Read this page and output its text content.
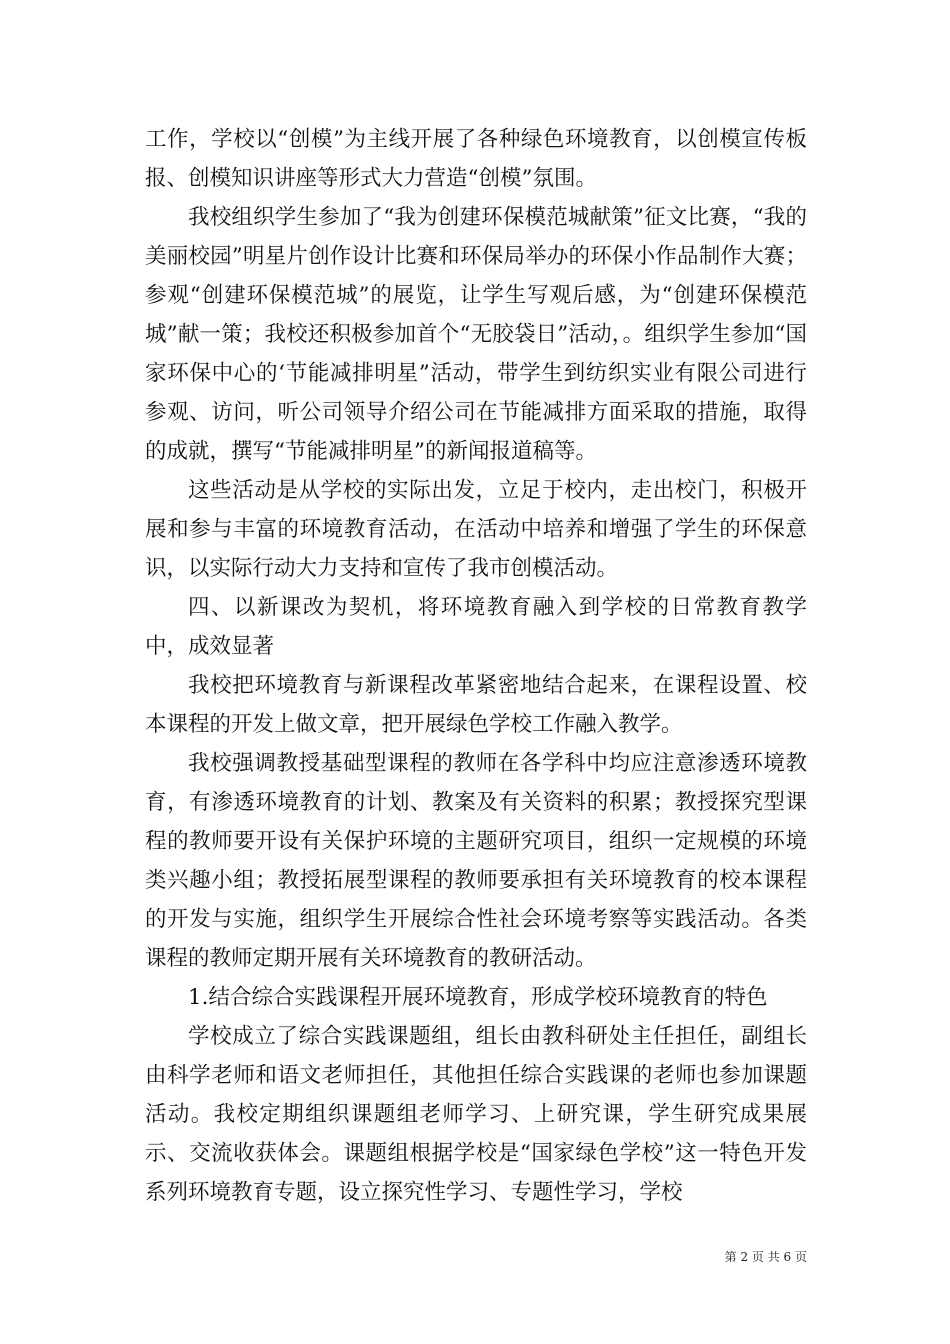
工作，学校以“创模”为主线开展了各种绿色环境教育，以创模宣传板报、创模知识讲座等形式大力营造“创模”氛围。

我校组织学生参加了“我为创建环保模范城献策”征文比赛，“我的美丽校园”明星片创作设计比赛和环保局举办的环保小作品制作大赛；参观“创建环保模范城”的展览，让学生写观后感，为“创建环保模范城”献一策；我校还积极参加首个“无胶袋日”活动，。组织学生参加“国家环保中心的‘节能减排明星”活动，带学生到纺织实业有限公司进行参观、访问，听公司领导介绍公司在节能减排方面采取的措施，取得的成就，撰写“节能减排明星”的新闻报道稿等。

这些活动是从学校的实际出发，立足于校内，走出校门，积极开展和参与丰富的环境教育活动，在活动中培养和增强了学生的环保意识，以实际行动大力支持和宣传了我市创模活动。

四、以新课改为契机，将环境教育融入到学校的日常教育教学中，成效显著

我校把环境教育与新课程改革紧密地结合起来，在课程设置、校本课程的开发上做文章，把开展绿色学校工作融入教学。

我校强调教授基础型课程的教师在各学科中均应注意渗透环境教育，有渗透环境教育的计划、教案及有关资料的积累；教授探究型课程的教师要开设有关保护环境的主题研究项目，组织一定规模的环境类兴趣小组；教授拓展型课程的教师要承担有关环境教育的校本课程的开发与实施，组织学生开展综合性社会环境考察等实践活动。各类课程的教师定期开展有关环境教育的教研活动。

1.结合综合实践课程开展环境教育，形成学校环境教育的特色

学校成立了综合实践课题组，组长由教科研处主任担任，副组长由科学老师和语文老师担任，其他担任综合实践课的老师也参加课题活动。我校定期组织课题组老师学习、上研究课，学生研究成果展示、交流收获体会。课题组根据学校是“国家绿色学校”这一特色开发系列环境教育专题，设立探究性学习、专题性学习，学校

第 2 页 共 6 页
